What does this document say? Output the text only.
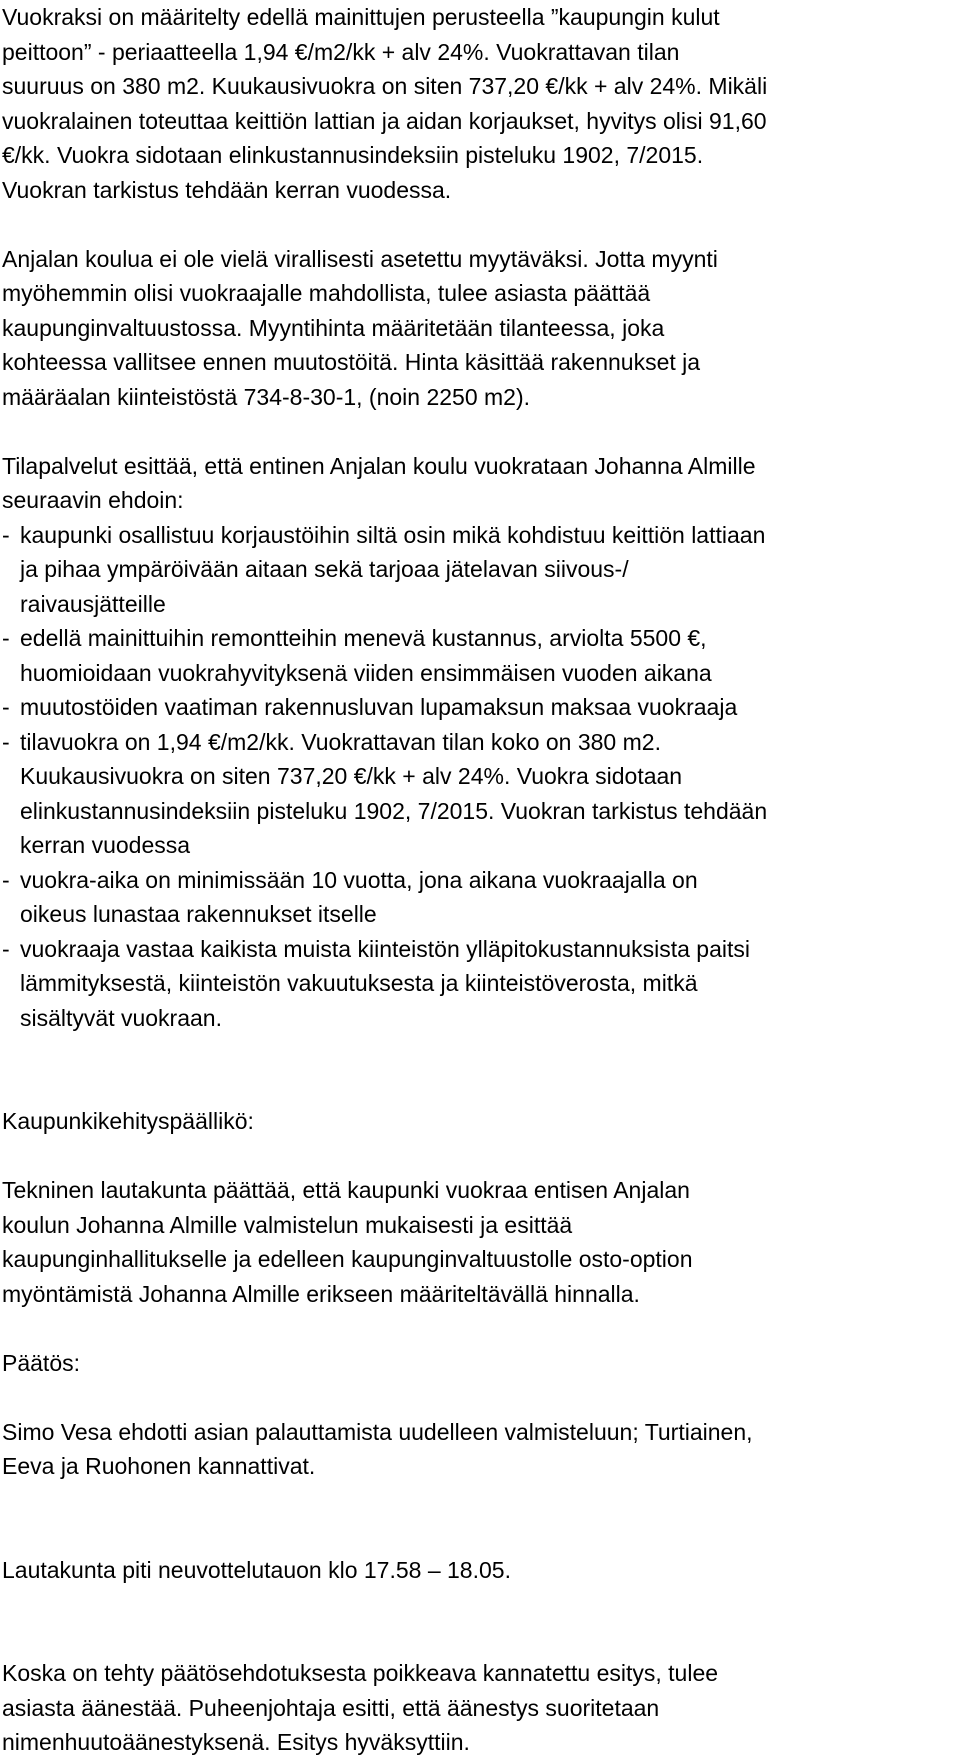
Vuokraksi on määritelty edellä mainittujen perusteella ”kaupungin kulut
peittoon” - periaatteella 1,94 €/m2/kk + alv 24%. Vuokrattavan tilan
suuruus on 380 m2. Kuukausivuokra on siten 737,20 €/kk + alv 24%. Mikäli
vuokralainen toteuttaa keittiön lattian ja aidan korjaukset, hyvitys olisi 91,60
€/kk. Vuokra sidotaan elinkustannusindeksiin pisteluku 1902, 7/2015.
Vuokran tarkistus tehdään kerran vuodessa.

Anjalan koulua ei ole vielä virallisesti asetettu myytäväksi. Jotta myynti
myöhemmin olisi vuokraajalle mahdollista, tulee asiasta päättää
kaupunginvaltuustossa. Myyntihinta määritetään tilanteessa, joka
kohteessa vallitsee ennen muutostöitä. Hinta käsittää rakennukset ja
määräalan kiinteistöstä 734-8-30-1, (noin 2250 m2).

Tilapalvelut esittää, että entinen Anjalan koulu vuokrataan Johanna Almille
seuraavin ehdoin:

- kaupunki osallistuu korjaustöihin siltä osin mikä kohdistuu keittiön lattiaan
ja pihaa ympäröivään aitaan sekä tarjoaa jätelavan siivous-/
raivausjätteille
- edellä mainittuihin remontteihin menevä kustannus, arviolta 5500 €,
huomioidaan vuokrahyvityksenä viiden ensimmäisen vuoden aikana
- muutostöiden vaatiman rakennusluvan lupamaksun maksaa vuokraaja
- tilavuokra on 1,94 €/m2/kk. Vuokrattavan tilan koko on 380 m2.
Kuukausivuokra on siten 737,20 €/kk + alv 24%. Vuokra sidotaan
elinkustannusindeksiin pisteluku 1902, 7/2015. Vuokran tarkistus tehdään
kerran vuodessa
- vuokra-aika on minimissään 10 vuotta, jona aikana vuokraajalla on
oikeus lunastaa rakennukset itselle
- vuokraaja vastaa kaikista muista kiinteistön ylläpitokustannuksista paitsi
lämmityksestä, kiinteistön vakuutuksesta ja kiinteistöverosta, mitkä
sisältyvät vuokraan.

Kaupunkikehityspäällikö:

Tekninen lautakunta päättää, että kaupunki vuokraa entisen Anjalan
koulun Johanna Almille valmistelun mukaisesti ja esittää
kaupunginhallitukselle ja edelleen kaupunginvaltuustolle osto-option
myöntämistä Johanna Almille erikseen määriteltävällä hinnalla.

Päätös:

Simo Vesa ehdotti asian palauttamista uudelleen valmisteluun; Turtiainen,
Eeva ja Ruohonen kannattivat.

Lautakunta piti neuvottelutauon klo 17.58 – 18.05.

Koska on tehty päätösehdotuksesta poikkeava kannatettu esitys, tulee
asiasta äänestää. Puheenjohtaja esitti, että äänestys suoritetaan
nimenhuutoäänestyksenä. Esitys hyväksyttiin.
